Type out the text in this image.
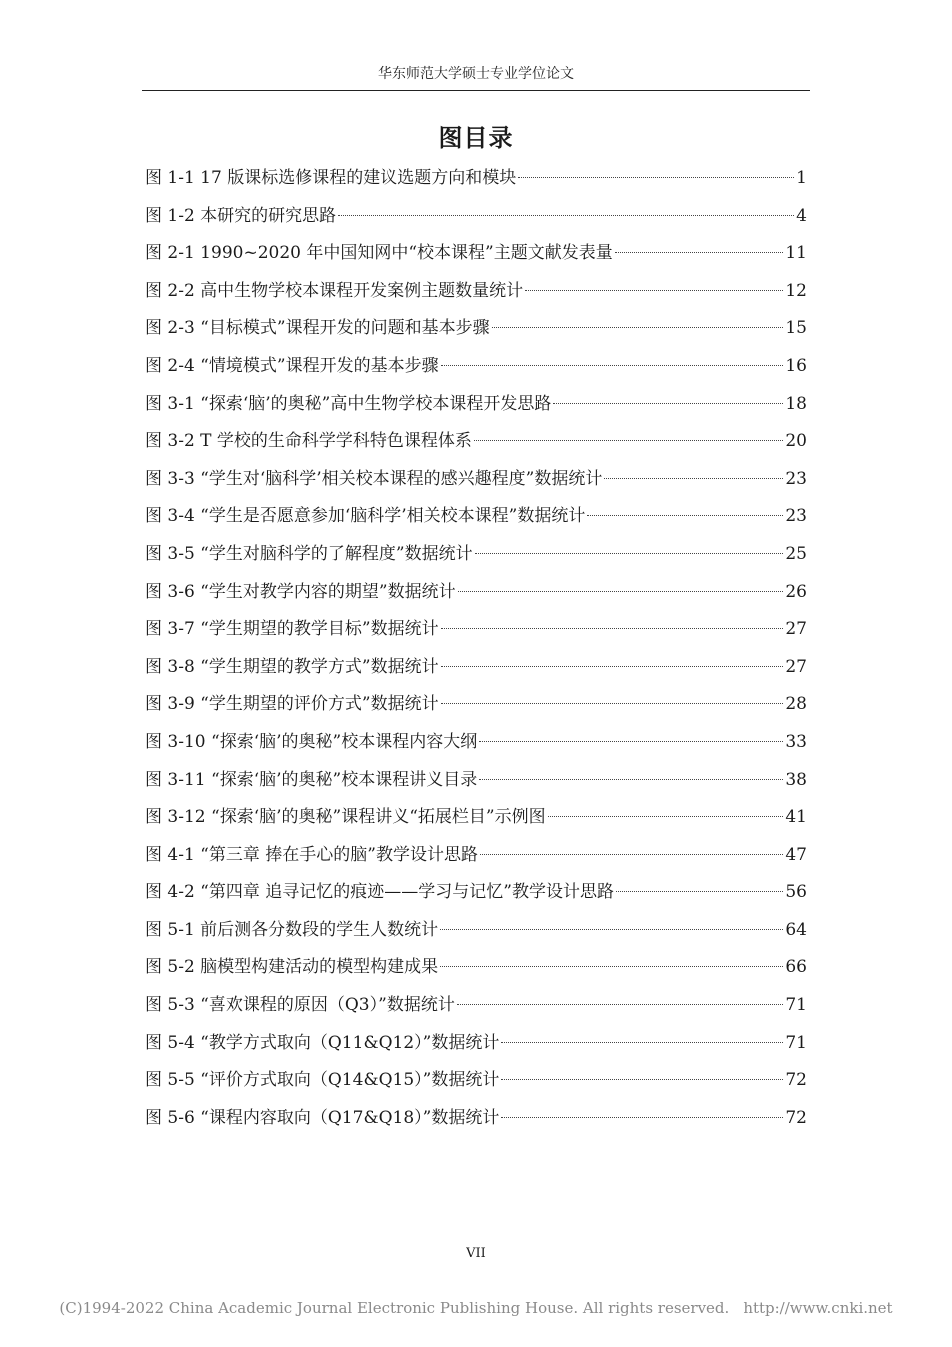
华东师范大学硕士专业学位论文
图目录
图 1-1 17 版课标选修课程的建议选题方向和模块	1
图 1-2 本研究的研究思路	4
图 2-1 1990~2020 年中国知网中“校本课程”主题文献发表量	11
图 2-2 高中生物学校本课程开发案例主题数量统计	12
图 2-3 “目标模式”课程开发的问题和基本步骤	15
图 2-4 “情境模式”课程开发的基本步骤	16
图 3-1 “探索‘脑’的奥秘”高中生物学校本课程开发思路	18
图 3-2 T 学校的生命科学学科特色课程体系	20
图 3-3 “学生对‘脑科学’相关校本课程的感兴趣程度”数据统计	23
图 3-4 “学生是否愿意参加‘脑科学’相关校本课程”数据统计	23
图 3-5 “学生对脑科学的了解程度”数据统计	25
图 3-6 “学生对教学内容的期望”数据统计	26
图 3-7 “学生期望的教学目标”数据统计	27
图 3-8 “学生期望的教学方式”数据统计	27
图 3-9 “学生期望的评价方式”数据统计	28
图 3-10 “探索‘脑’的奥秘”校本课程内容大纲	33
图 3-11 “探索‘脑’的奥秘”校本课程讲义目录	38
图 3-12 “探索‘脑’的奥秘”课程讲义“拓展栏目”示例图	41
图 4-1 “第三章 捧在手心的脑”教学设计思路	47
图 4-2 “第四章 追寻记忆的痕迹——学习与记忆”教学设计思路	56
图 5-1 前后测各分数段的学生人数统计	64
图 5-2 脑模型构建活动的模型构建成果	66
图 5-3 “喜欢课程的原因（Q3）”数据统计	71
图 5-4 “教学方式取向（Q11&Q12）”数据统计	71
图 5-5 “评价方式取向（Q14&Q15）”数据统计	72
图 5-6 “课程内容取向（Q17&Q18）”数据统计	72
VII
(C)1994-2022 China Academic Journal Electronic Publishing House. All rights reserved. http://www.cnki.net
